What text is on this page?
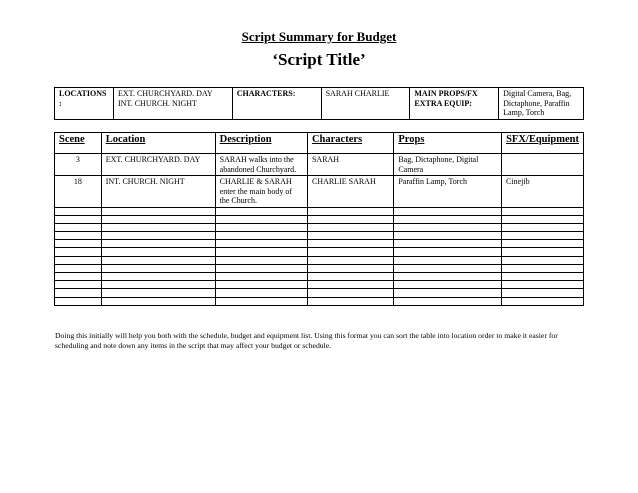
Script Summary for Budget
‘Script Title’
LOCATIONS :	EXT. CHURCHYARD. DAY INT. CHURCH. NIGHT	CHARACTERS:	SARAH CHARLIE	MAIN PROPS/FX EXTRA EQUIP:	Digital Camera, Bag, Dictaphone, Paraffin Lamp, Torch
Scene	Location	Description	Characters	Props	SFX/Equipment
3	EXT. CHURCHYARD. DAY	SARAH walks into the abandoned Churchyard.	SARAH	Bag, Dictaphone, Digital Camera	
18	INT. CHURCH. NIGHT	CHARLIE & SARAH enter the main body of the Church.	CHARLIE SARAH	Paraffin Lamp, Torch	Cinejib

Doing this initially will help you both with the schedule, budget and equipment list. Using this format you can sort the table into location order to make it easier for scheduling and note down any items in the script that may affect your budget or schedule.
